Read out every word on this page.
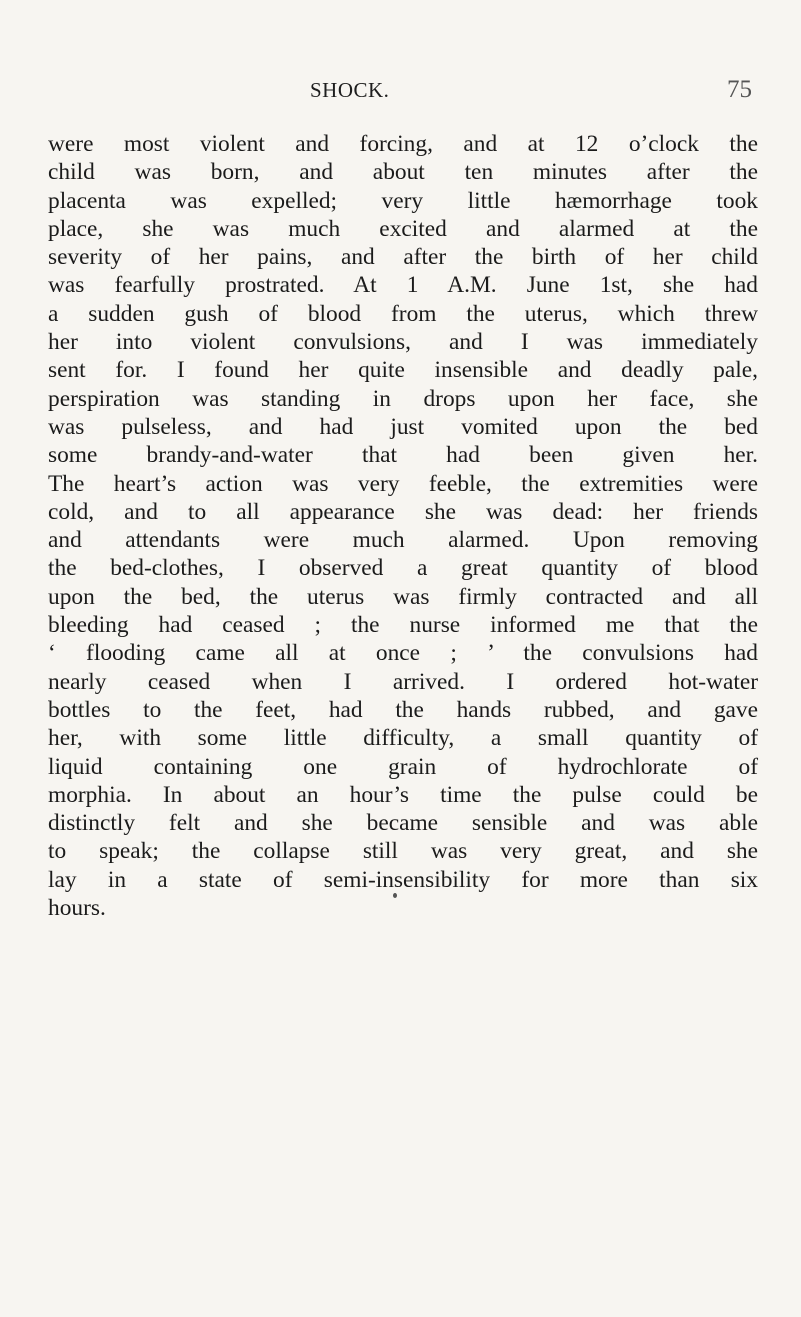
SHOCK.	75
were most violent and forcing, and at 12 o’clock the
child was born, and about ten minutes after the
placenta was expelled; very little hæmorrhage took
place, she was much excited and alarmed at the
severity of her pains, and after the birth of her child
was fearfully prostrated. At 1 A.M. June 1st, she had
a sudden gush of blood from the uterus, which threw
her into violent convulsions, and I was immediately
sent for. I found her quite insensible and deadly pale,
perspiration was standing in drops upon her face, she
was pulseless, and had just vomited upon the bed
some brandy-and-water that had been given her.
The heart’s action was very feeble, the extremities were
cold, and to all appearance she was dead: her friends
and attendants were much alarmed. Upon removing
the bed-clothes, I observed a great quantity of blood
upon the bed, the uterus was firmly contracted and all
bleeding had ceased ; the nurse informed me that the
‘ flooding came all at once ; ’ the convulsions had
nearly ceased when I arrived. I ordered hot-water
bottles to the feet, had the hands rubbed, and gave
her, with some little difficulty, a small quantity of
liquid containing one grain of hydrochlorate of
morphia. In about an hour’s time the pulse could be
distinctly felt and she became sensible and was able
to speak; the collapse still was very great, and she
lay in a state of semi-insensibility for more than six
hours.
